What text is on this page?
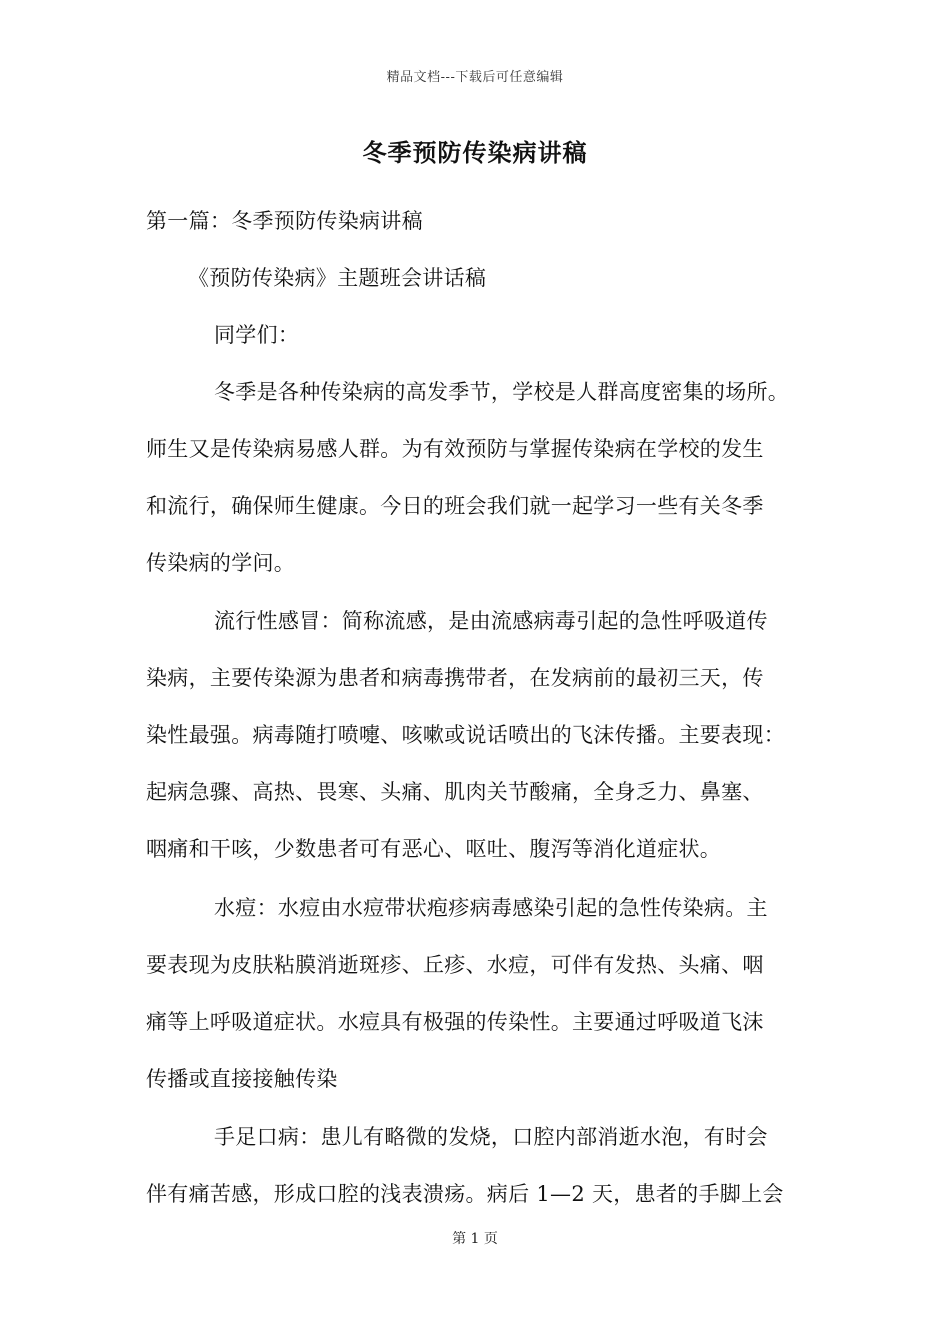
精品文档---下载后可任意编辑
冬季预防传染病讲稿
第一篇：冬季预防传染病讲稿
《预防传染病》主题班会讲话稿
同学们：
冬季是各种传染病的高发季节，学校是人群高度密集的场所。
师生又是传染病易感人群。为有效预防与掌握传染病在学校的发生
和流行，确保师生健康。今日的班会我们就一起学习一些有关冬季
传染病的学问。
流行性感冒：简称流感，是由流感病毒引起的急性呼吸道传
染病，主要传染源为患者和病毒携带者，在发病前的最初三天，传
染性最强。病毒随打喷嚏、咳嗽或说话喷出的飞沫传播。主要表现：
起病急骤、高热、畏寒、头痛、肌肉关节酸痛，全身乏力、鼻塞、
咽痛和干咳，少数患者可有恶心、呕吐、腹泻等消化道症状。
水痘：水痘由水痘带状疱疹病毒感染引起的急性传染病。主
要表现为皮肤粘膜消逝斑疹、丘疹、水痘，可伴有发热、头痛、咽
痛等上呼吸道症状。水痘具有极强的传染性。主要通过呼吸道飞沫
传播或直接接触传染
手足口病：患儿有略微的发烧，口腔内部消逝水泡，有时会
伴有痛苦感，形成口腔的浅表溃疡。病后 1—2 天，患者的手脚上会
第 1 页
